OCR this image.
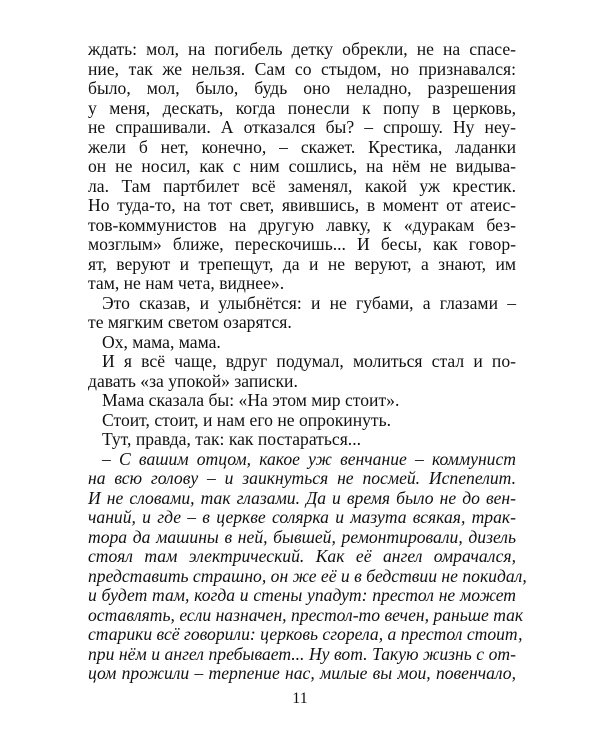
ждать: мол, на погибель детку обрекли, не на спасе-
ние, так же нельзя. Сам со стыдом, но признавался:
было, мол, было, будь оно неладно, разрешения
у меня, дескать, когда понесли к попу в церковь,
не спрашивали. А отказался бы? – спрошу. Ну неу-
жели б нет, конечно, – скажет. Крестика, ладанки
он не носил, как с ним сошлись, на нём не видыва-
ла. Там партбилет всё заменял, какой уж крестик.
Но туда-то, на тот свет, явившись, в момент от атеис-
тов-коммунистов на другую лавку, к «дуракам без-
мозглым» ближе, перескочишь... И бесы, как говор-
ят, веруют и трепещут, да и не веруют, а знают, им
там, не нам чета, виднее».
Это сказав, и улыбнётся: и не губами, а глазами –
те мягким светом озарятся.
Ох, мама, мама.
И я всё чаще, вдруг подумал, молиться стал и по-
давать «за упокой» записки.
Мама сказала бы: «На этом мир стоит».
Стоит, стоит, и нам его не опрокинуть.
Тут, правда, так: как постараться...
– С вашим отцом, какое уж венчание – коммунист
на всю голову – и заикнуться не посмей. Испепелит.
И не словами, так глазами. Да и время было не до вен-
чаний, и где – в церкве солярка и мазута всякая, трак-
тора да машины в ней, бывшей, ремонтировали, дизель
стоял там электрический. Как её ангел омрачался,
представить страшно, он же её и в бедствии не покидал,
и будет там, когда и стены упадут: престол не может
оставлять, если назначен, престол-то вечен, раньше так
старики всё говорили: церковь сгорела, а престол стоит,
при нём и ангел пребывает... Ну вот. Такую жизнь с от-
цом прожили – терпение нас, милые вы мои, повенчало,
11
